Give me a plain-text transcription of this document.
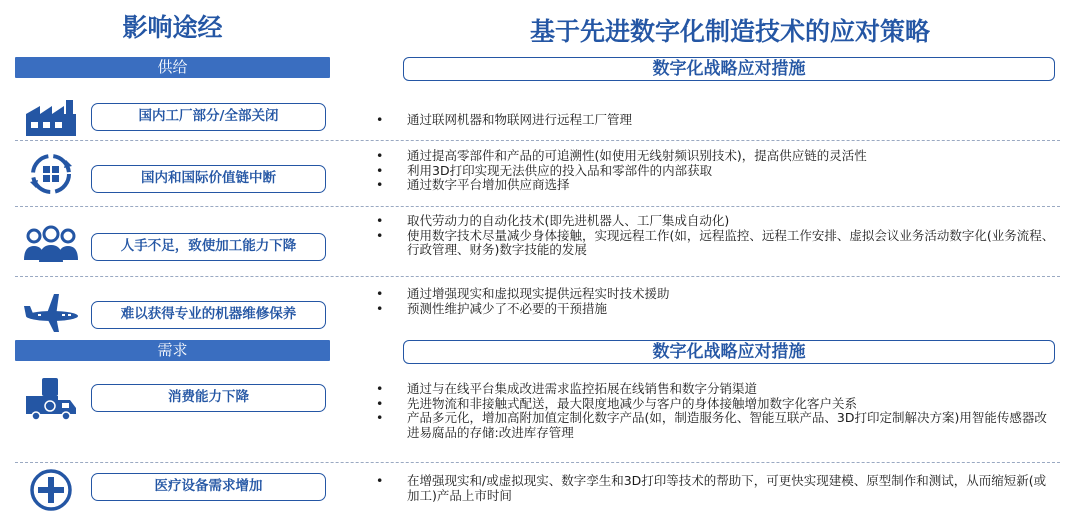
影响途经	基于先进数字化制造技术的应对策略
供给	数字化战略应对措施
国内工厂部分/全部关闭	• 通过联网机器和物联网进行远程工厂管理
国内和国际价值链中断
• 通过提高零部件和产品的可追溯性(如使用无线射频识别技术)，提高供应链的灵活性
• 利用3D打印实现无法供应的投入品和零部件的内部获取
• 通过数字平台增加供应商选择
人手不足，致使加工能力下降
• 取代劳动力的自动化技术(即先进机器人、工厂集成自动化)
• 使用数字技术尽量减少身体接触，实现远程工作(如，远程监控、远程工作安排、虚拟会议业务活动数字化(业务流程、行政管理、财务)数字技能的发展
难以获得专业的机器维修保养
• 通过增强现实和虚拟现实提供远程实时技术援助
• 预测性维护减少了不必要的干预措施
需求	数字化战略应对措施
消费能力下降
• 通过与在线平台集成改进需求监控拓展在线销售和数字分销渠道
• 先进物流和非接触式配送，最大限度地减少与客户的身体接触增加数字化客户关系
• 产品多元化，增加高附加值定制化数字产品(如，制造服务化、智能互联产品、3D打印定制解决方案)用智能传感器改进易腐品的存储:改进库存管理
医疗设备需求增加	• 在增强现实和/或虚拟现实、数字孪生和3D打印等技术的帮助下，可更快实现建模、原型制作和测试，从而缩短新(或加工)产品上市时间
